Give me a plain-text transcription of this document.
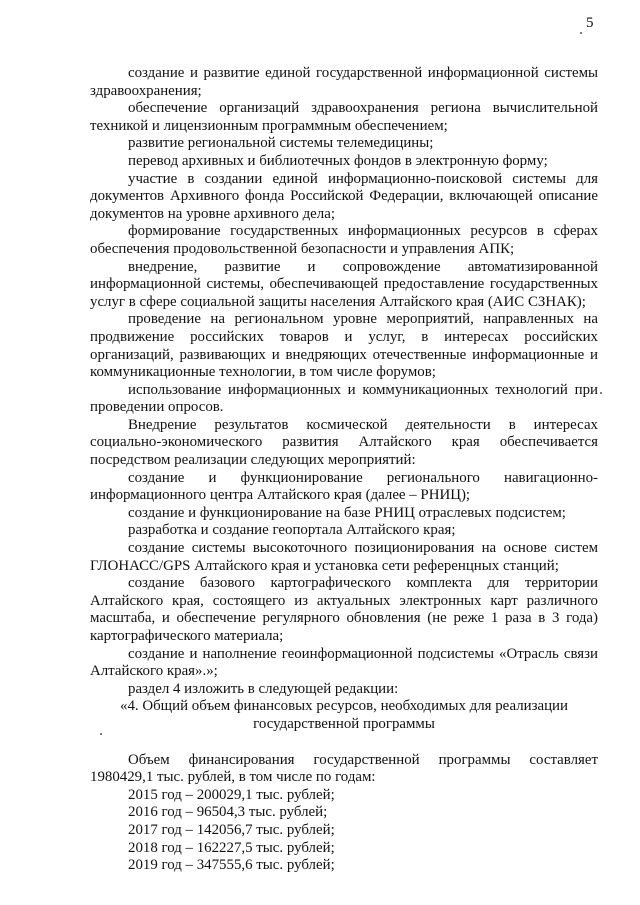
5

создание и развитие единой государственной информационной системы здравоохранения;

обеспечение организаций здравоохранения региона вычислительной техникой и лицензионным программным обеспечением;

развитие региональной системы телемедицины;

перевод архивных и библиотечных фондов в электронную форму;

участие в создании единой информационно-поисковой системы для документов Архивного фонда Российской Федерации, включающей описание документов на уровне архивного дела;

формирование государственных информационных ресурсов в сферах обеспечения продовольственной безопасности и управления АПК;

внедрение, развитие и сопровождение автоматизированной информационной системы, обеспечивающей предоставление государственных услуг в сфере социальной защиты населения Алтайского края (АИС СЗНАК);

проведение на региональном уровне мероприятий, направленных на продвижение российских товаров и услуг, в интересах российских организаций, развивающих и внедряющих отечественные информационные и коммуникационные технологии, в том числе форумов;

использование информационных и коммуникационных технологий при проведении опросов.

Внедрение результатов космической деятельности в интересах социально-экономического развития Алтайского края обеспечивается посредством реализации следующих мероприятий:

создание и функционирование регионального навигационно-информационного центра Алтайского края (далее – РНИЦ);

создание и функционирование на базе РНИЦ отраслевых подсистем;

разработка и создание геопортала Алтайского края;

создание системы высокоточного позиционирования на основе систем ГЛОНАСС/GPS Алтайского края и установка сети референцных станций;

создание базового картографического комплекта для территории Алтайского края, состоящего из актуальных электронных карт различного масштаба, и обеспечение регулярного обновления (не реже 1 раза в 3 года) картографического материала;

создание и наполнение геоинформационной подсистемы «Отрасль связи Алтайского края».»;

раздел 4 изложить в следующей редакции:

«4. Общий объем финансовых ресурсов, необходимых для реализации государственной программы

Объем финансирования государственной программы составляет 1980429,1 тыс. рублей, в том числе по годам:

2015 год – 200029,1 тыс. рублей;

2016 год – 96504,3 тыс. рублей;

2017 год – 142056,7 тыс. рублей;

2018 год – 162227,5 тыс. рублей;

2019 год – 347555,6 тыс. рублей;
